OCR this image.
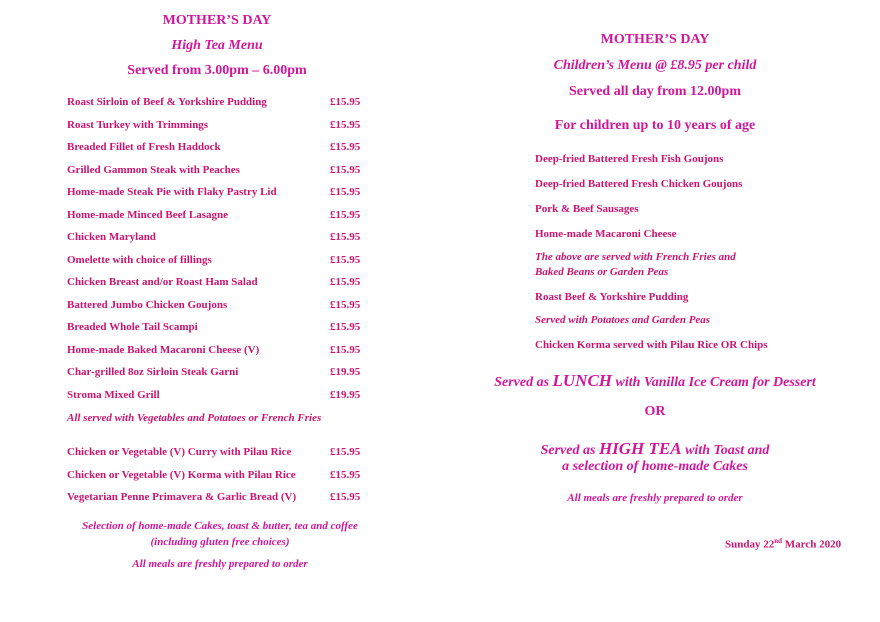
MOTHER’S DAY
High Tea Menu
Served from 3.00pm – 6.00pm
Roast Sirloin of Beef & Yorkshire Pudding	£15.95
Roast Turkey with Trimmings	£15.95
Breaded Fillet of Fresh Haddock	£15.95
Grilled Gammon Steak with Peaches	£15.95
Home-made Steak Pie with Flaky Pastry Lid	£15.95
Home-made Minced Beef Lasagne	£15.95
Chicken Maryland	£15.95
Omelette with choice of fillings	£15.95
Chicken Breast and/or Roast Ham Salad	£15.95
Battered Jumbo Chicken Goujons	£15.95
Breaded Whole Tail Scampi	£15.95
Home-made Baked Macaroni Cheese (V)	£15.95
Char-grilled 8oz Sirloin Steak Garni	£19.95
Stroma Mixed Grill	£19.95
All served with Vegetables and Potatoes or French Fries
Chicken or Vegetable (V) Curry with Pilau Rice	£15.95
Chicken or Vegetable (V) Korma with Pilau Rice	£15.95
Vegetarian Penne Primavera & Garlic Bread (V)	£15.95
Selection of home-made Cakes, toast & butter, tea and coffee
(including gluten free choices)
All meals are freshly prepared to order
MOTHER’S DAY
Children’s Menu @ £8.95 per child
Served all day from 12.00pm
For children up to 10 years of age
Deep-fried Battered Fresh Fish Goujons
Deep-fried Battered Fresh Chicken Goujons
Pork & Beef Sausages
Home-made Macaroni Cheese
The above are served with French Fries and
Baked Beans or Garden Peas
Roast Beef & Yorkshire Pudding
Served with Potatoes and Garden Peas
Chicken Korma served with Pilau Rice OR Chips
Served as LUNCH with Vanilla Ice Cream for Dessert
OR
Served as HIGH TEA with Toast and
a selection of home-made Cakes
All meals are freshly prepared to order
Sunday 22nd March 2020
